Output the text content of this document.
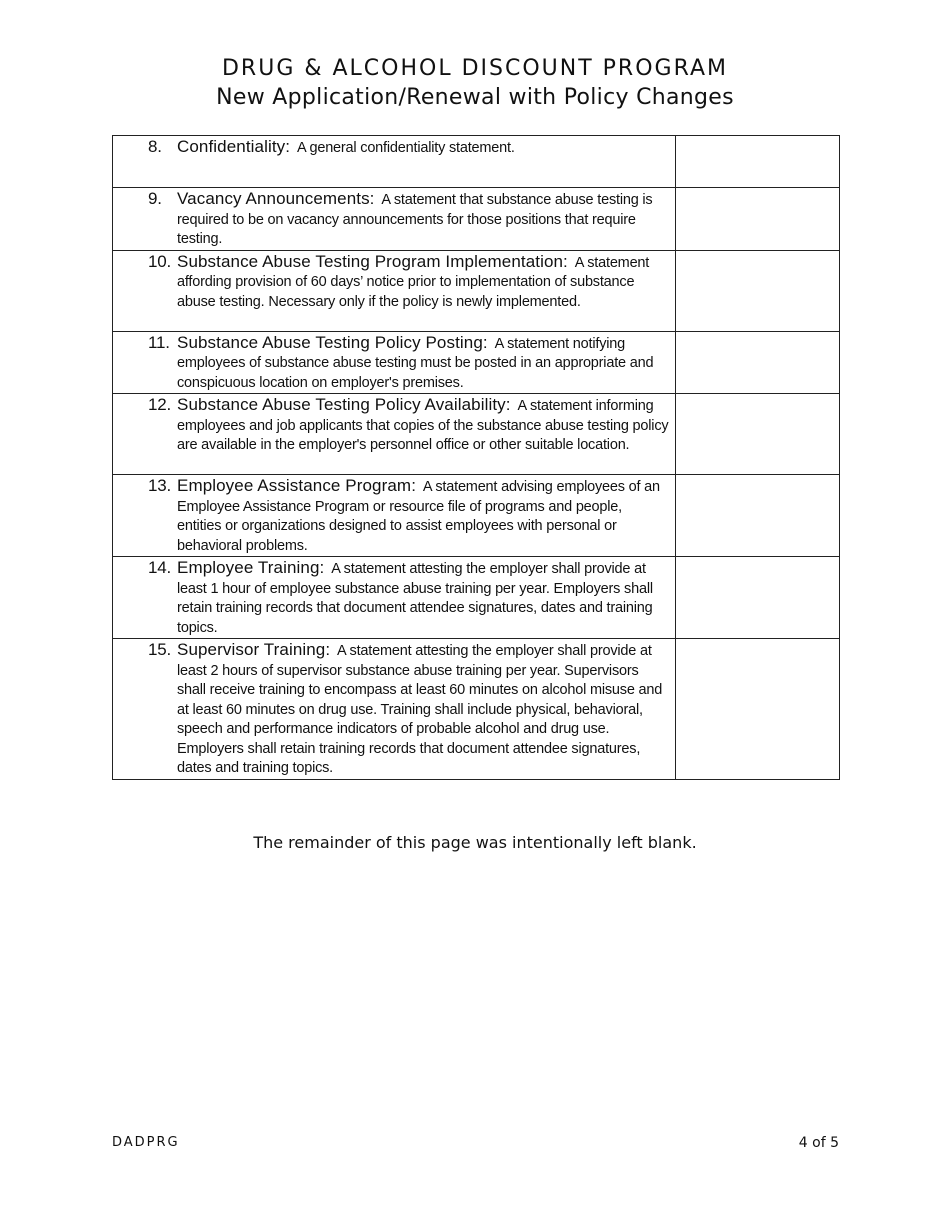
DRUG & ALCOHOL DISCOUNT PROGRAM
New Application/Renewal with Policy Changes
8. Confidentiality: A general confidentiality statement.	

9. Vacancy Announcements: A statement that substance abuse testing is required to be on vacancy announcements for those positions that require testing.	

10. Substance Abuse Testing Program Implementation: A statement affording provision of 60 days’ notice prior to implementation of substance abuse testing. Necessary only if the policy is newly implemented.	

11. Substance Abuse Testing Policy Posting: A statement notifying employees of substance abuse testing must be posted in an appropriate and conspicuous location on employer's premises.	

12. Substance Abuse Testing Policy Availability: A statement informing employees and job applicants that copies of the substance abuse testing policy are available in the employer's personnel office or other suitable location.	

13. Employee Assistance Program: A statement advising employees of an Employee Assistance Program or resource file of programs and people, entities or organizations designed to assist employees with personal or behavioral problems.	

14. Employee Training: A statement attesting the employer shall provide at least 1 hour of employee substance abuse training per year. Employers shall retain training records that document attendee signatures, dates and training topics.	

15. Supervisor Training: A statement attesting the employer shall provide at least 2 hours of supervisor substance abuse training per year. Supervisors shall receive training to encompass at least 60 minutes on alcohol misuse and at least 60 minutes on drug use. Training shall include physical, behavioral, speech and performance indicators of probable alcohol and drug use. Employers shall retain training records that document attendee signatures, dates and training topics.	

The remainder of this page was intentionally left blank.
DADPRG	4 of 5
